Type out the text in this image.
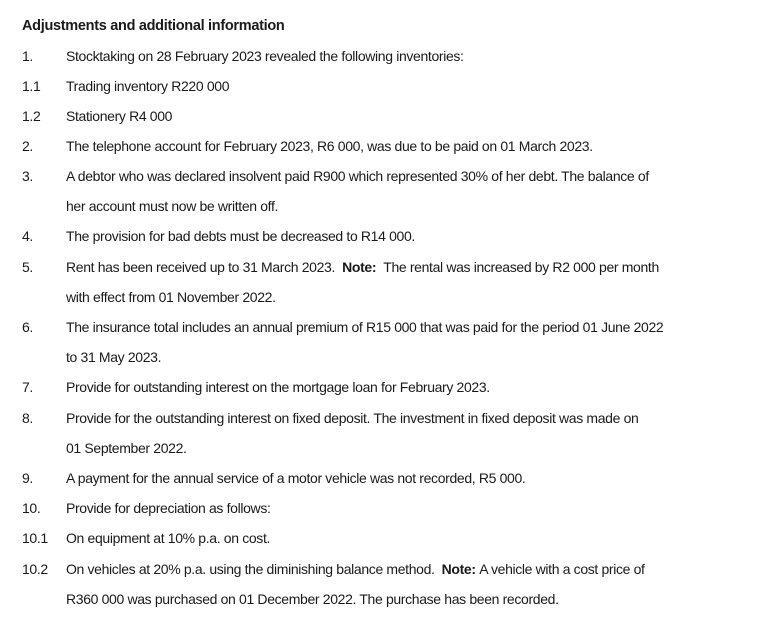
Adjustments and additional information
1. Stocktaking on 28 February 2023 revealed the following inventories:
1.1 Trading inventory R220 000
1.2 Stationery R4 000
2. The telephone account for February 2023, R6 000, was due to be paid on 01 March 2023.
3. A debtor who was declared insolvent paid R900 which represented 30% of her debt. The balance of
her account must now be written off.
4. The provision for bad debts must be decreased to R14 000.
5. Rent has been received up to 31 March 2023. Note: The rental was increased by R2 000 per month
with effect from 01 November 2022.
6. The insurance total includes an annual premium of R15 000 that was paid for the period 01 June 2022
to 31 May 2023.
7. Provide for outstanding interest on the mortgage loan for February 2023.
8. Provide for the outstanding interest on fixed deposit. The investment in fixed deposit was made on
01 September 2022.
9. A payment for the annual service of a motor vehicle was not recorded, R5 000.
10. Provide for depreciation as follows:
10.1 On equipment at 10% p.a. on cost.
10.2 On vehicles at 20% p.a. using the diminishing balance method. Note: A vehicle with a cost price of
R360 000 was purchased on 01 December 2022. The purchase has been recorded.
